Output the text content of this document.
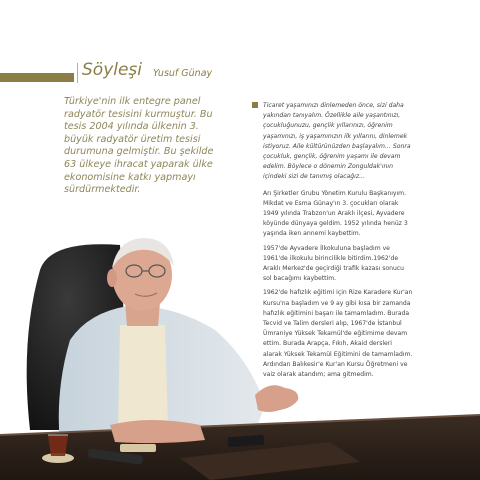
Söyleşi Yusuf Günay
Türkiye'nin ilk entegre panel
radyatör tesisini kurmuştur. Bu
tesis 2004 yılında ülkenin 3.
büyük radyatör üretim tesisi
durumuna gelmiştir. Bu şekilde
63 ülkeye ihracat yaparak ülke
ekonomisine katkı yapmayı
sürdürmektedir.
Ticaret yaşamınızı dinlemeden önce, sizi daha
yakından tanıyalım. Özellikle aile yaşantınızı,
çocukluğunuzu, gençlik yıllarınızı, öğrenim
yaşamınızı, iş yaşamınızın ilk yıllarını, dinlemek
istiyoruz. Aile kültürünüzden başlayalım… Sonra
çocukluk, gençlik, öğrenim yaşamı ile devam
edelim. Böylece o dönemin Zonguldak'ının
içindeki sizi de tanımış olacağız…
Arı Şirketler Grubu Yönetim Kurulu Başkanıyım.
Mikdat ve Esma Günay'ın 3. çocukları olarak
1949 yılında Trabzon'un Araklı ilçesi, Ayvadere
köyünde dünyaya geldim. 1952 yılında henüz 3
yaşında iken annemi kaybettim.
1957'de Ayvadere İlkokuluna başladım ve
1961'de ilkokulu birincilikle bitirdim.1962'de
Araklı Merkez'de geçirdiği trafik kazası sonucu
sol bacağımı kaybettim.
1962'de hafızlık eğitimi için Rize Karadere Kur'an
Kursu'na başladım ve 9 ay gibi kısa bir zamanda
hafızlık eğitimini başarı ile tamamladım. Burada
Tecvid ve Talim dersleri alıp, 1967'de İstanbul
Ümraniye Yüksek Tekamül'de eğitimime devam
ettim. Burada Arapça, Fıkıh, Akaid dersleri
alarak Yüksek Tekamül Eğitimini de tamamladım.
Ardından Balıkesir'e Kur'an Kursu Öğretmeni ve
vaiz olarak atandım; ama gitmedim.
